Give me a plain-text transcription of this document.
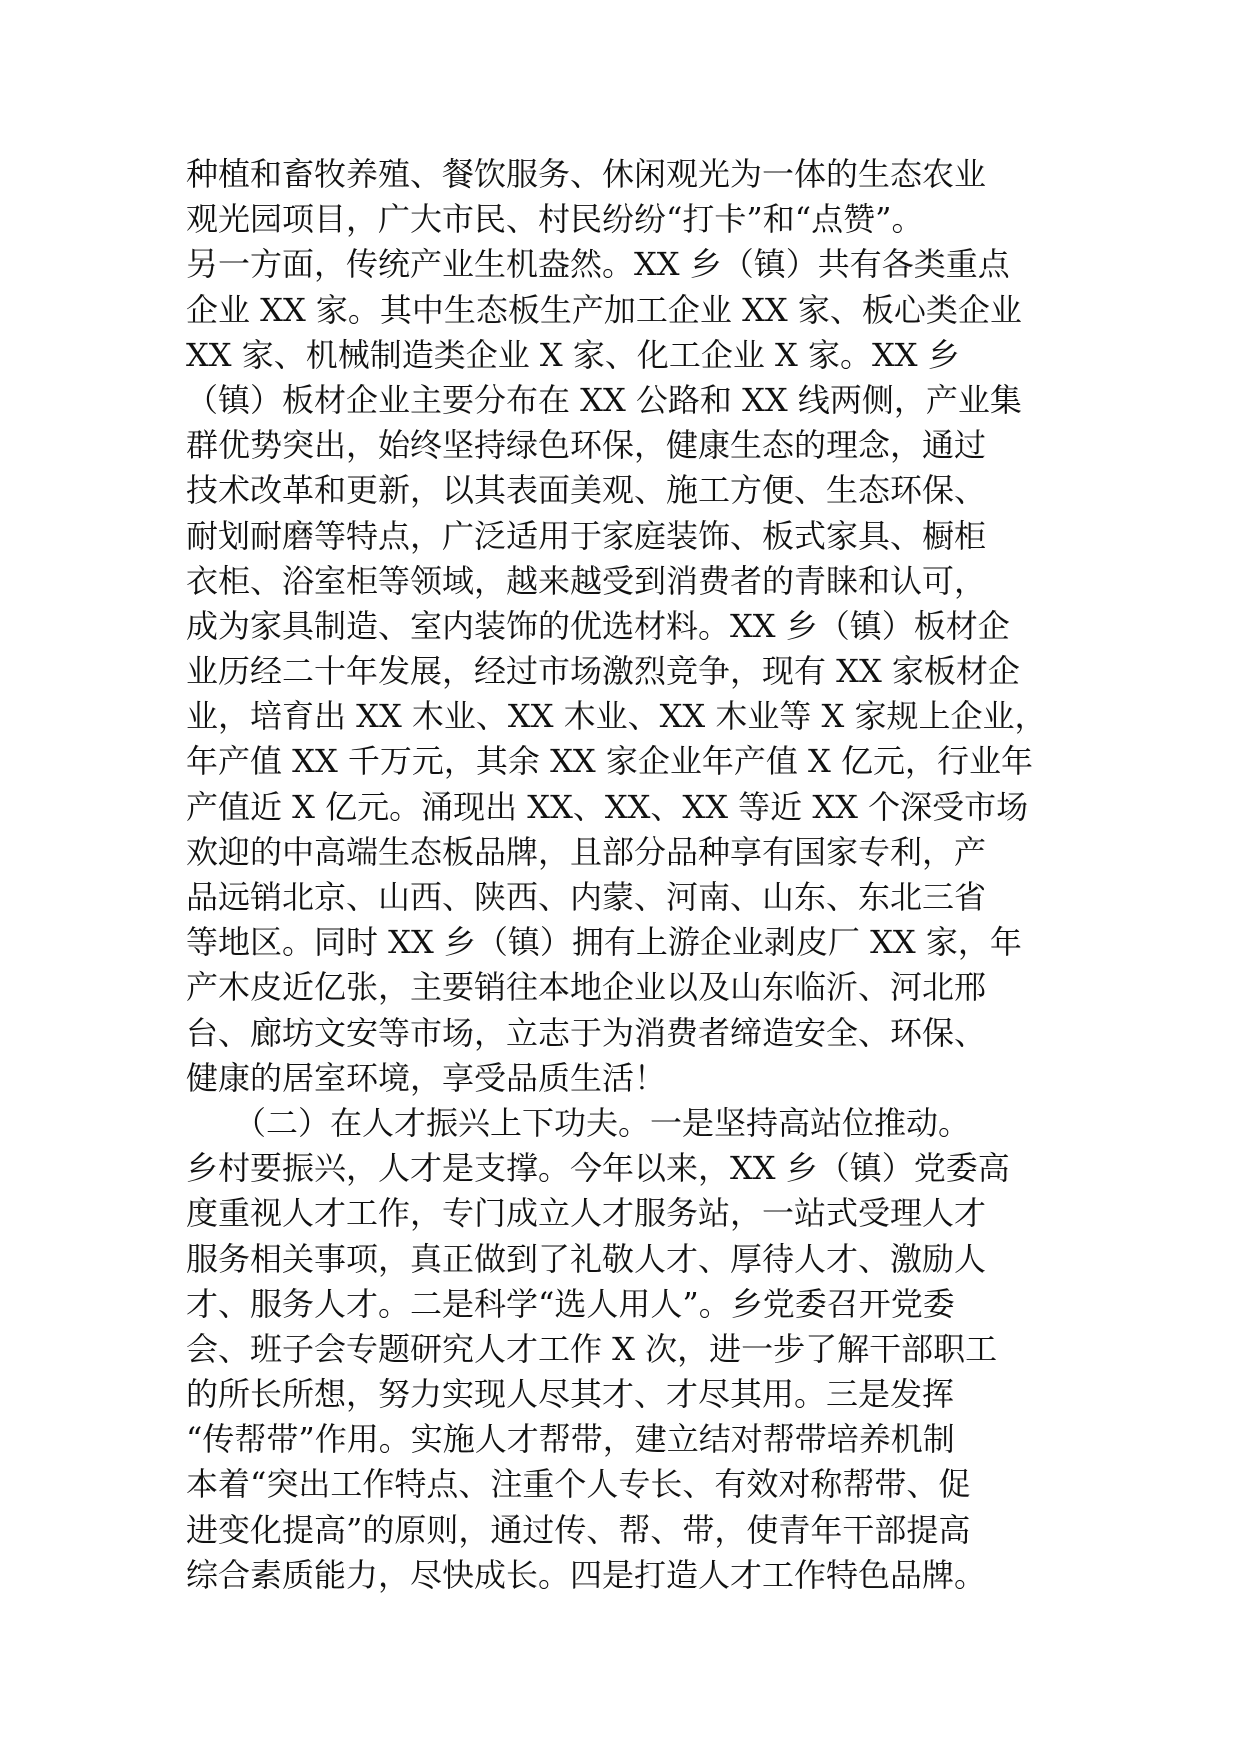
种植和畜牧养殖、餐饮服务、休闲观光为一体的生态农业
观光园项目，广大市民、村民纷纷“打卡”和“点赞”。
另一方面，传统产业生机盎然。XX 乡（镇）共有各类重点
企业 XX 家。其中生态板生产加工企业 XX 家、板心类企业
XX 家、机械制造类企业 X 家、化工企业 X 家。XX 乡
（镇）板材企业主要分布在 XX 公路和 XX 线两侧，产业集
群优势突出，始终坚持绿色环保，健康生态的理念，通过
技术改革和更新，以其表面美观、施工方便、生态环保、
耐划耐磨等特点，广泛适用于家庭装饰、板式家具、橱柜
衣柜、浴室柜等领域，越来越受到消费者的青睐和认可，
成为家具制造、室内装饰的优选材料。XX 乡（镇）板材企
业历经二十年发展，经过市场激烈竞争，现有 XX 家板材企
业，培育出 XX 木业、XX 木业、XX 木业等 X 家规上企业，
年产值 XX 千万元，其余 XX 家企业年产值 X 亿元，行业年
产值近 X 亿元。涌现出 XX、XX、XX 等近 XX 个深受市场
欢迎的中高端生态板品牌，且部分品种享有国家专利，产
品远销北京、山西、陕西、内蒙、河南、山东、东北三省
等地区。同时 XX 乡（镇）拥有上游企业剥皮厂 XX 家，年
产木皮近亿张，主要销往本地企业以及山东临沂、河北邢
台、廊坊文安等市场，立志于为消费者缔造安全、环保、
健康的居室环境，享受品质生活！
　　（二）在人才振兴上下功夫。一是坚持高站位推动。
乡村要振兴，人才是支撑。今年以来，XX 乡（镇）党委高
度重视人才工作，专门成立人才服务站，一站式受理人才
服务相关事项，真正做到了礼敬人才、厚待人才、激励人
才、服务人才。二是科学“选人用人”。乡党委召开党委
会、班子会专题研究人才工作 X 次，进一步了解干部职工
的所长所想，努力实现人尽其才、才尽其用。三是发挥
“传帮带”作用。实施人才帮带，建立结对帮带培养机制
本着“突出工作特点、注重个人专长、有效对称帮带、促
进变化提高”的原则，通过传、帮、带，使青年干部提高
综合素质能力，尽快成长。四是打造人才工作特色品牌。
